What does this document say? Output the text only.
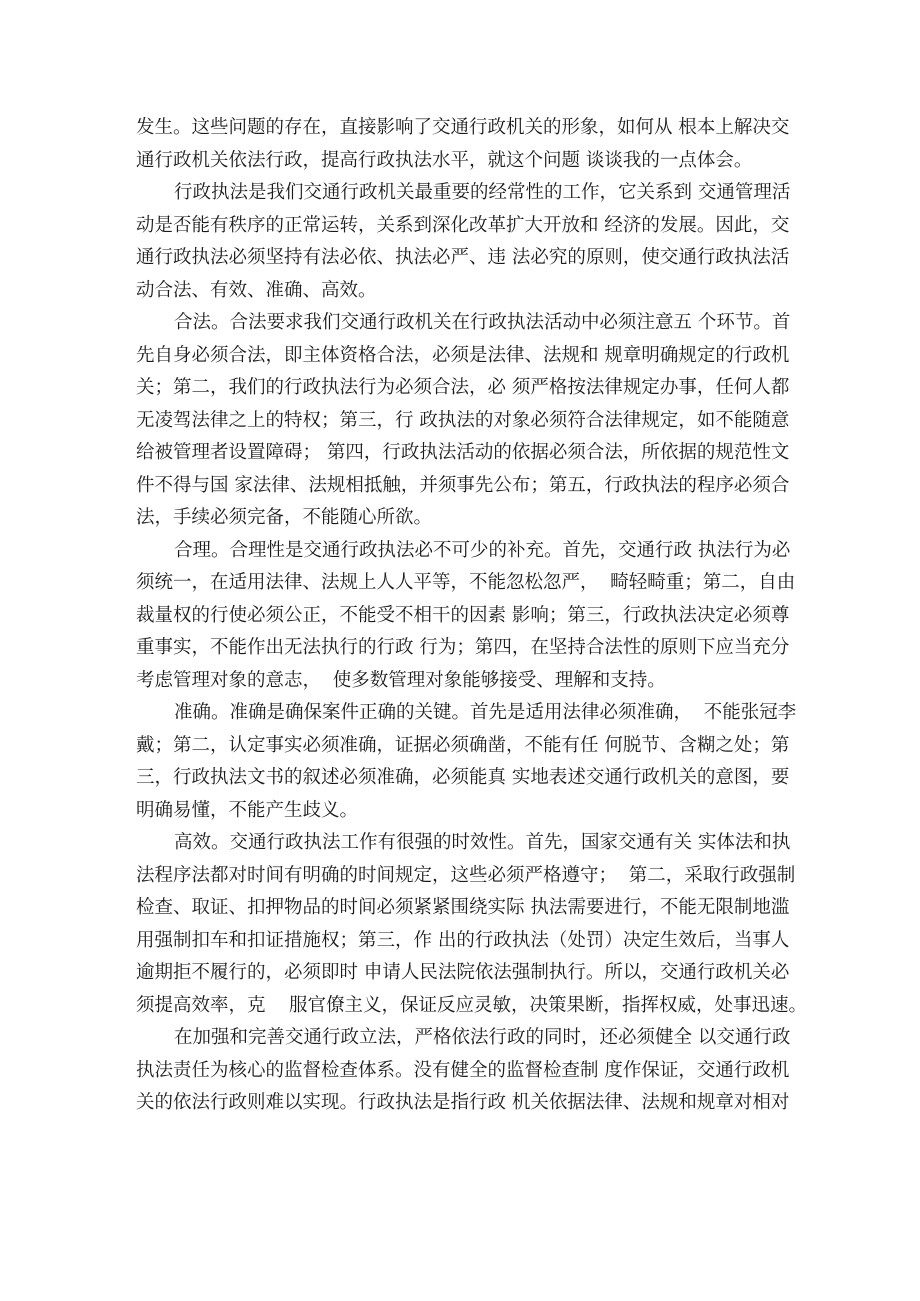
发生。这些问题的存在，直接影响了交通行政机关的形象，如何从 根本上解决交
通行政机关依法行政，提高行政执法水平，就这个问题 谈谈我的一点体会。
行政执法是我们交通行政机关最重要的经常性的工作，它关系到 交通管理活
动是否能有秩序的正常运转，关系到深化改革扩大开放和 经济的发展。因此，交
通行政执法必须坚持有法必依、执法必严、违 法必究的原则，使交通行政执法活
动合法、有效、准确、高效。
合法。合法要求我们交通行政机关在行政执法活动中必须注意五 个环节。首
先自身必须合法，即主体资格合法，必须是法律、法规和 规章明确规定的行政机
关；第二，我们的行政执法行为必须合法，必 须严格按法律规定办事，任何人都
无凌驾法律之上的特权；第三，行 政执法的对象必须符合法律规定，如不能随意
给被管理者设置障碍； 第四，行政执法活动的依据必须合法，所依据的规范性文
件不得与国 家法律、法规相抵触，并须事先公布；第五，行政执法的程序必须合
法，手续必须完备，不能随心所欲。
合理。合理性是交通行政执法必不可少的补充。首先，交通行政 执法行为必
须统一，在适用法律、法规上人人平等，不能忽松忽严，  畸轻畸重；第二，自由
裁量权的行使必须公正，不能受不相干的因素 影响；第三，行政执法决定必须尊
重事实，不能作出无法执行的行政 行为；第四，在坚持合法性的原则下应当充分
考虑管理对象的意志，  使多数管理对象能够接受、理解和支持。
准确。准确是确保案件正确的关键。首先是适用法律必须准确，  不能张冠李
戴；第二，认定事实必须准确，证据必须确凿，不能有任 何脱节、含糊之处；第
三，行政执法文书的叙述必须准确，必须能真 实地表述交通行政机关的意图，要
明确易懂，不能产生歧义。
高效。交通行政执法工作有很强的时效性。首先，国家交通有关 实体法和执
法程序法都对时间有明确的时间规定，这些必须严格遵守；  第二，采取行政强制
检查、取证、扣押物品的时间必须紧紧围绕实际 执法需要进行，不能无限制地滥
用强制扣车和扣证措施权；第三，作 出的行政执法（处罚）决定生效后，当事人
逾期拒不履行的，必须即时 申请人民法院依法强制执行。所以，交通行政机关必
须提高效率，克    服官僚主义，保证反应灵敏，决策果断，指挥权威，处事迅速。
在加强和完善交通行政立法，严格依法行政的同时，还必须健全 以交通行政
执法责任为核心的监督检查体系。没有健全的监督检查制 度作保证，交通行政机
关的依法行政则难以实现。行政执法是指行政 机关依据法律、法规和规章对相对
